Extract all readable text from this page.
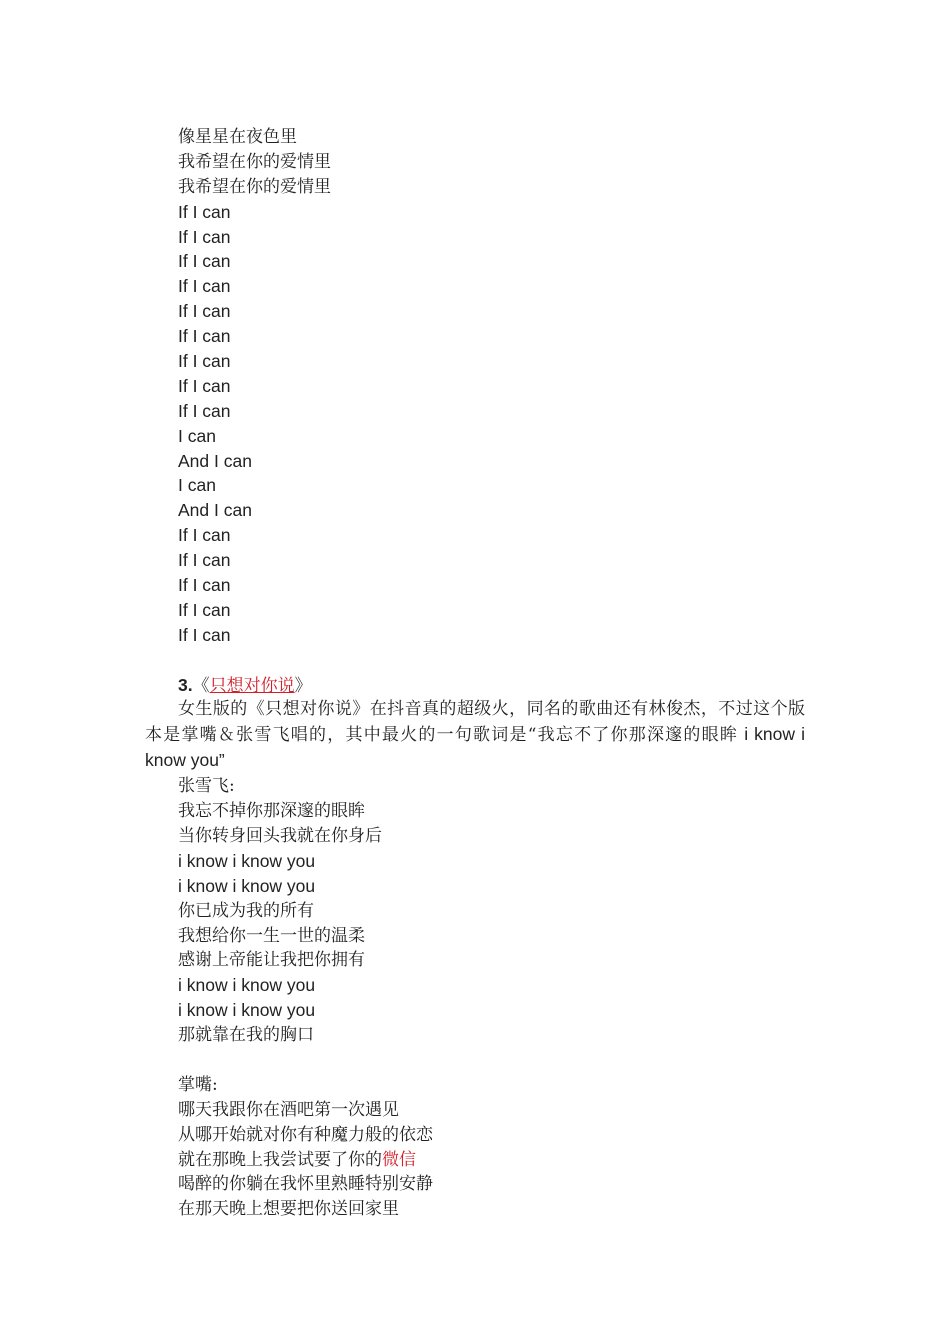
像星星在夜色里
我希望在你的爱情里
我希望在你的爱情里
If I can
If I can
If I can
If I can
If I can
If I can
If I can
If I can
If I can
I can
And I can
I can
And I can
If I can
If I can
If I can
If I can
If I can
3.《只想对你说》

女生版的《只想对你说》在抖音真的超级火，同名的歌曲还有林俊杰，不过这个版本是掌嘴＆张雪飞唱的，其中最火的一句歌词是“我忘不了你那深邃的眼眸 i know i know you”

张雪飞:
我忘不掉你那深邃的眼眸
当你转身回头我就在你身后
i know i know you
i know i know you
你已成为我的所有
我想给你一生一世的温柔
感谢上帝能让我把你拥有
i know i know you
i know i know you
那就靠在我的胸口
掌嘴:
哪天我跟你在酒吧第一次遇见
从哪开始就对你有种魔力般的依恋
就在那晚上我尝试要了你的微信
喝醉的你躺在我怀里熟睡特别安静
在那天晚上想要把你送回家里
